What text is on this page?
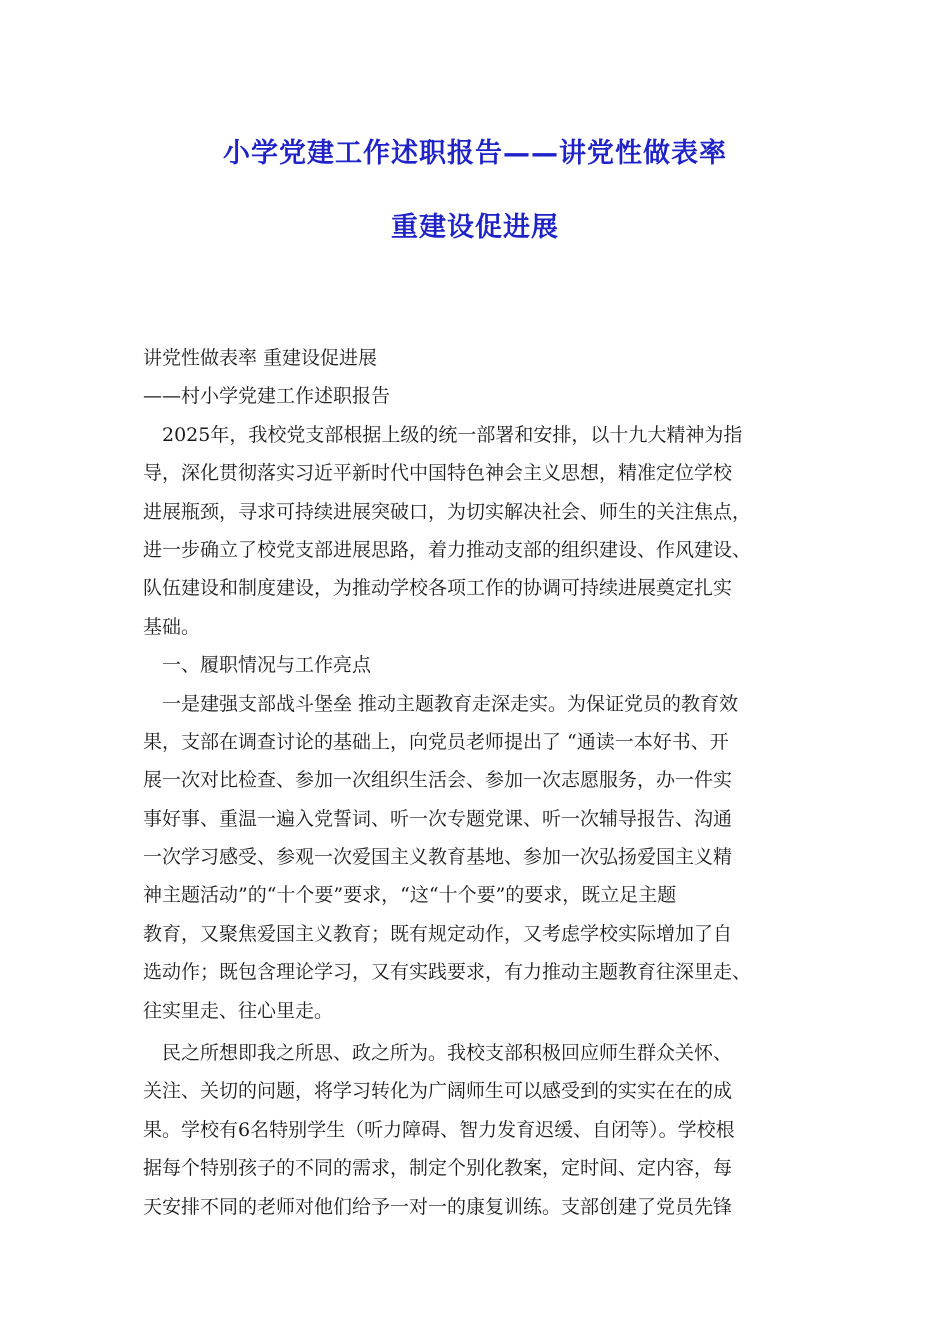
小学党建工作述职报告——讲党性做表率
重建设促进展
讲党性做表率 重建设促进展
——村小学党建工作述职报告
　2025年，我校党支部根据上级的统一部署和安排，以十九大精神为指
导，深化贯彻落实习近平新时代中国特色神会主义思想，精准定位学校
进展瓶颈，寻求可持续进展突破口，为切实解决社会、师生的关注焦点，
进一步确立了校党支部进展思路，着力推动支部的组织建设、作风建设、
队伍建设和制度建设，为推动学校各项工作的协调可持续进展奠定扎实
基础。
　一、履职情况与工作亮点
　一是建强支部战斗堡垒 推动主题教育走深走实。为保证党员的教育效
果，支部在调查讨论的基础上，向党员老师提出了 “通读一本好书、开
展一次对比检查、参加一次组织生活会、参加一次志愿服务，办一件实
事好事、重温一遍入党誓词、听一次专题党课、听一次辅导报告、沟通
一次学习感受、参观一次爱国主义教育基地、参加一次弘扬爱国主义精
神主题活动”的“十个要”要求，“这“十个要”的要求，既立足主题
教育，又聚焦爱国主义教育；既有规定动作，又考虑学校实际增加了自
选动作；既包含理论学习，又有实践要求，有力推动主题教育往深里走、
往实里走、往心里走。
　民之所想即我之所思、政之所为。我校支部积极回应师生群众关怀、
关注、关切的问题，将学习转化为广阔师生可以感受到的实实在在的成
果。学校有6名特别学生（听力障碍、智力发育迟缓、自闭等）。学校根
据每个特别孩子的不同的需求，制定个别化教案，定时间、定内容，每
天安排不同的老师对他们给予一对一的康复训练。支部创建了党员先锋
